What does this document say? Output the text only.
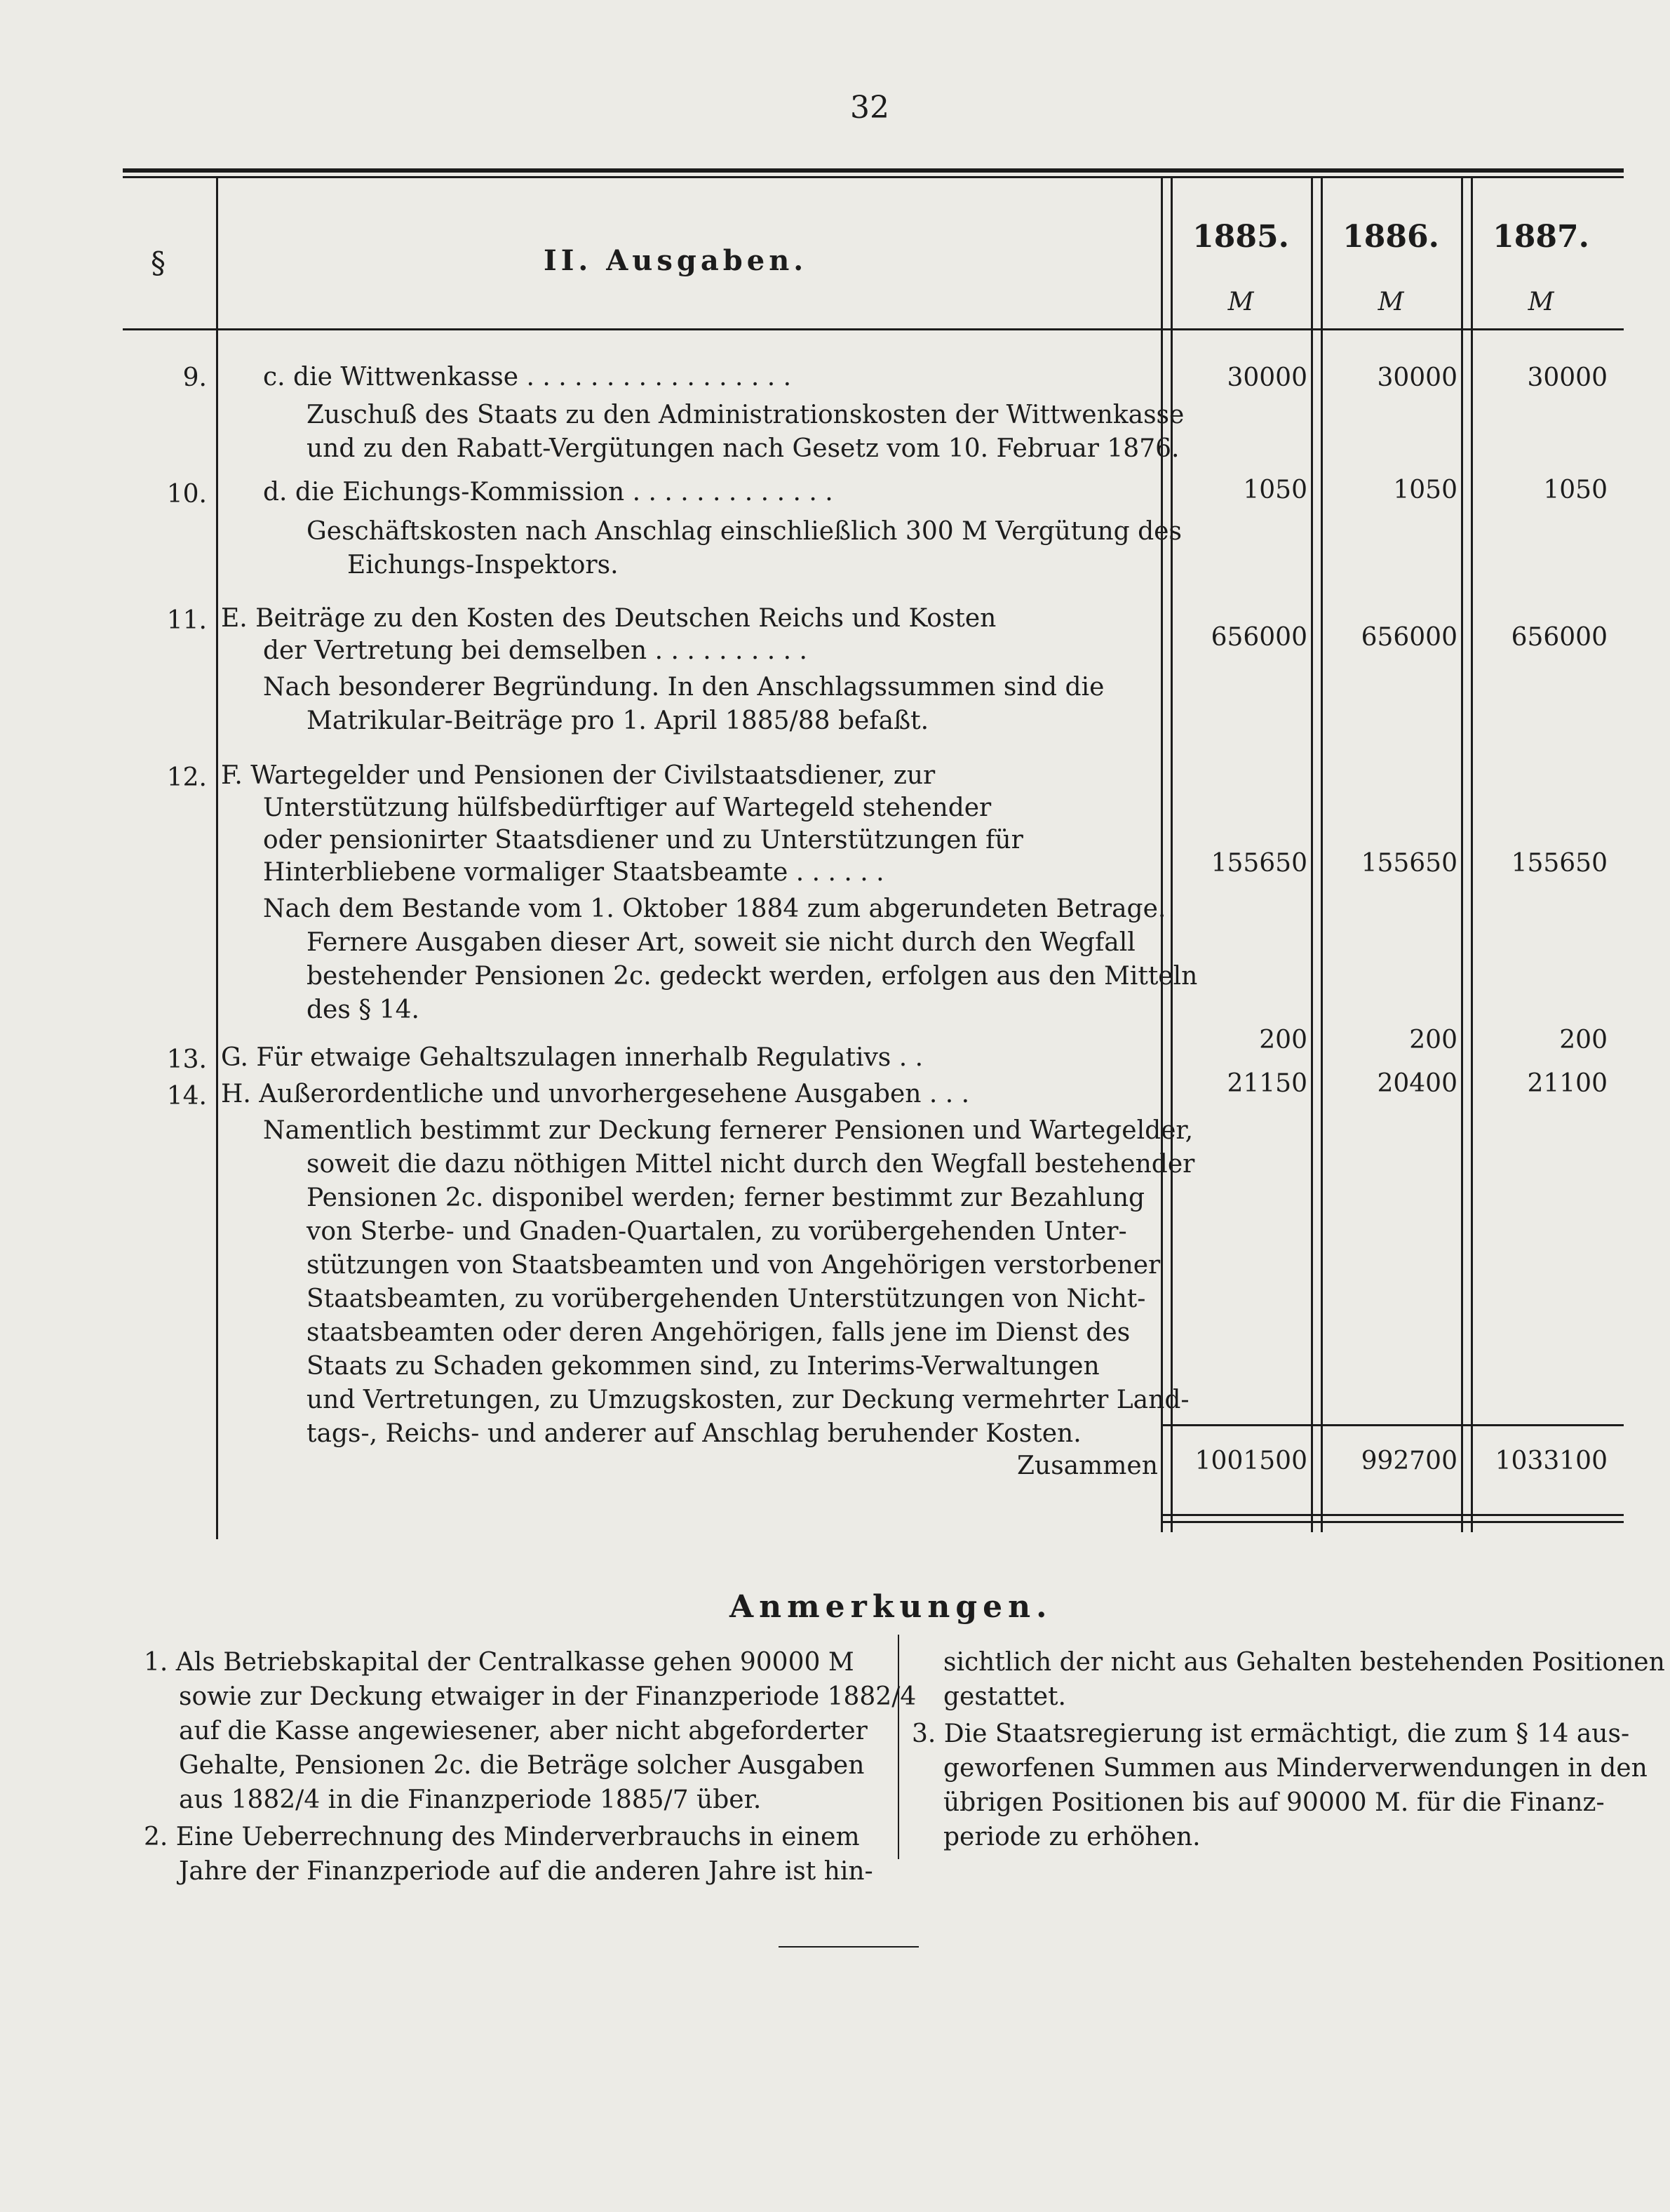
32
§	II. Ausgaben.
1885.	1886.	1887.
M	M	M
9. c. die Wittwenkasse . . . . . . . . . . . . . . . . .
Zuschuß des Staats zu den Administrationskosten der Wittwenkasse
und zu den Rabatt-Vergütungen nach Gesetz vom 10. Februar 1876.
30000	30000	30000
10. d. die Eichungs-Kommission . . . . . . . . . . . . .
Geschäftskosten nach Anschlag einschließlich 300 M Vergütung des
Eichungs-Inspektors.
1050	1050	1050
11. E. Beiträge zu den Kosten des Deutschen Reichs und Kosten
der Vertretung bei demselben . . . . . . . . . .
Nach besonderer Begründung. In den Anschlagssummen sind die
Matrikular-Beiträge pro 1. April 1885/88 befaßt.
656000	656000	656000
12. F. Wartegelder und Pensionen der Civilstaatsdiener, zur
Unterstützung hülfsbedürftiger auf Wartegeld stehender
oder pensionirter Staatsdiener und zu Unterstützungen für
Hinterbliebene vormaliger Staatsbeamte . . . . . .
Nach dem Bestande vom 1. Oktober 1884 zum abgerundeten Betrage.
Fernere Ausgaben dieser Art, soweit sie nicht durch den Wegfall
bestehender Pensionen 2c. gedeckt werden, erfolgen aus den Mitteln
des § 14.
155650	155650	155650
13. G. Für etwaige Gehaltszulagen innerhalb Regulativs . .
200	200	200
14. H. Außerordentliche und unvorhergesehene Ausgaben . . .
Namentlich bestimmt zur Deckung fernerer Pensionen und Wartegelder,
soweit die dazu nöthigen Mittel nicht durch den Wegfall bestehender
Pensionen 2c. disponibel werden; ferner bestimmt zur Bezahlung
von Sterbe- und Gnaden-Quartalen, zu vorübergehenden Unter-
stützungen von Staatsbeamten und von Angehörigen verstorbener
Staatsbeamten, zu vorübergehenden Unterstützungen von Nicht-
staatsbeamten oder deren Angehörigen, falls jene im Dienst des
Staats zu Schaden gekommen sind, zu Interims-Verwaltungen
und Vertretungen, zu Umzugskosten, zur Deckung vermehrter Land-
tags-, Reichs- und anderer auf Anschlag beruhender Kosten.
21150	20400	21100
Zusammen	1001500	992700	1033100
Anmerkungen.
1. Als Betriebskapital der Centralkasse gehen 90000 M
sowie zur Deckung etwaiger in der Finanzperiode 1882/4
auf die Kasse angewiesener, aber nicht abgeforderter
Gehalte, Pensionen 2c. die Beträge solcher Ausgaben
aus 1882/4 in die Finanzperiode 1885/7 über.
2. Eine Ueberrechnung des Minderverbrauchs in einem
Jahre der Finanzperiode auf die anderen Jahre ist hin-
sichtlich der nicht aus Gehalten bestehenden Positionen
gestattet.
3. Die Staatsregierung ist ermächtigt, die zum § 14 aus-
geworfenen Summen aus Minderverwendungen in den
übrigen Positionen bis auf 90000 M. für die Finanz-
periode zu erhöhen.
